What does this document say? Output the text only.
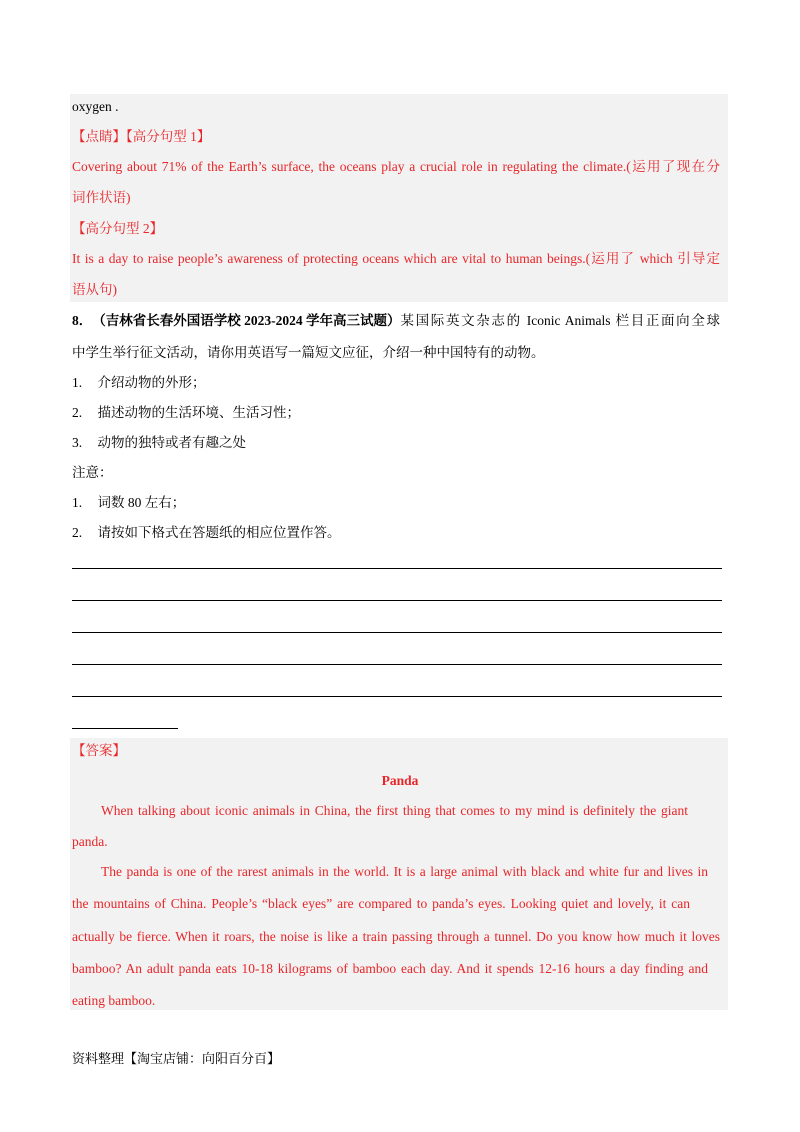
oxygen .
【点睛】【高分句型 1】
Covering about 71% of the Earth’s surface, the oceans play a crucial role in regulating the climate.(运用了现在分
词作状语)
【高分句型 2】
It is a day to raise people’s awareness of protecting oceans which are vital to human beings.(运用了 which 引导定
语从句)
8． （吉林省长春外国语学校 2023-2024 学年高三试题） 某国际英文杂志的 Iconic Animals 栏目正面向全球
中学生举行征文活动，请你用英语写一篇短文应征，介绍一种中国特有的动物。
1. 介绍动物的外形；
2. 描述动物的生活环境、生活习性；
3. 动物的独特或者有趣之处
注意：
1. 词数 80 左右；
2. 请按如下格式在答题纸的相应位置作答。
【答案】
Panda
When talking about iconic animals in China, the first thing that comes to my mind is definitely the giant
panda.
The panda is one of the rarest animals in the world. It is a large animal with black and white fur and lives in
the mountains of China. People’s “black eyes” are compared to panda’s eyes. Looking quiet and lovely, it can
actually be fierce. When it roars, the noise is like a train passing through a tunnel. Do you know how much it loves
bamboo? An adult panda eats 10-18 kilograms of bamboo each day. And it spends 12-16 hours a day finding and
eating bamboo.
资料整理【淘宝店铺：向阳百分百】
